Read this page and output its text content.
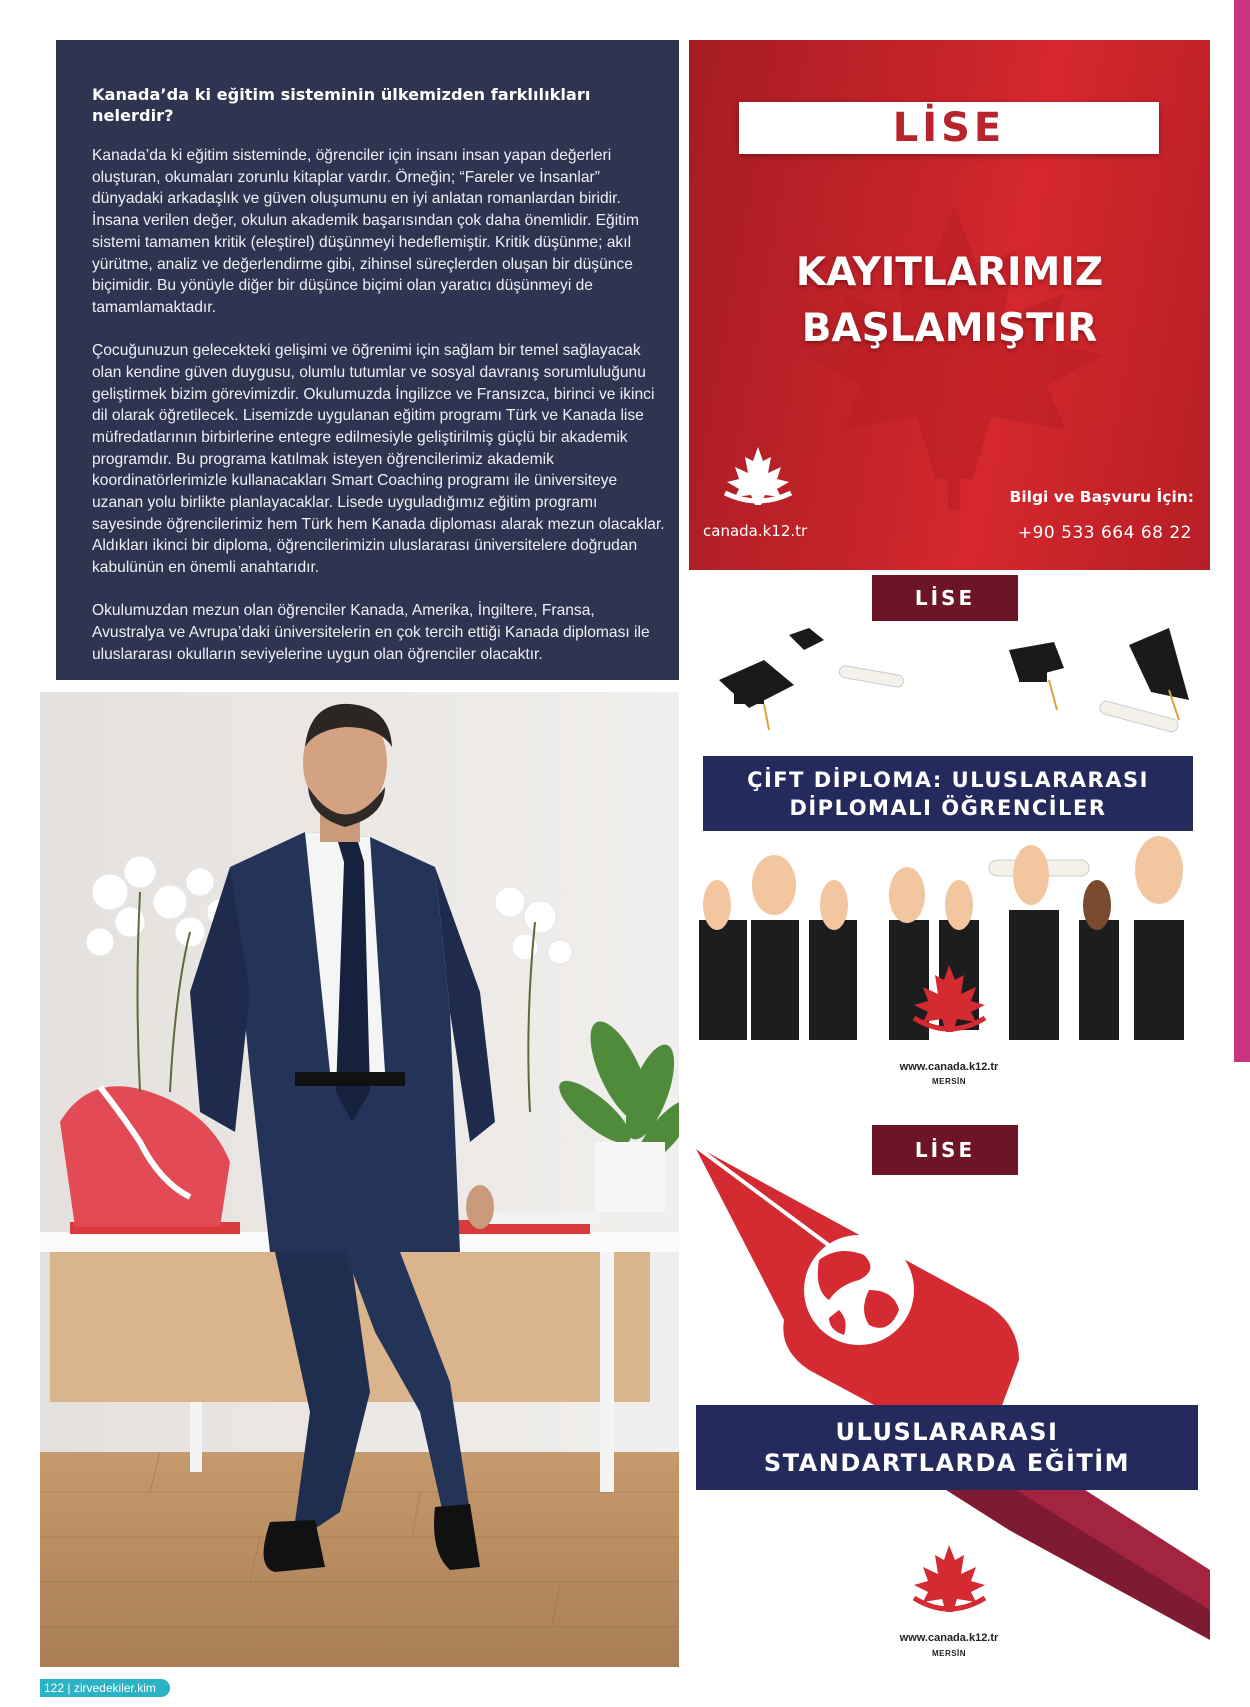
Kanada’da ki eğitim sisteminin ülkemizden farklılıkları nelerdir?

Kanada’da ki eğitim sisteminde, öğrenciler için insanı insan yapan değerleri oluşturan, okumaları zorunlu kitaplar vardır. Örneğin; “Fareler ve İnsanlar” dünyadaki arkadaşlık ve güven oluşumunu en iyi anlatan romanlardan biridir. İnsana verilen değer, okulun akademik başarısından çok daha önemlidir. Eğitim sistemi tamamen kritik (eleştirel) düşünmeyi hedeflemiştir. Kritik düşünme; akıl yürütme, analiz ve değerlendirme gibi, zihinsel süreçlerden oluşan bir düşünce biçimidir. Bu yönüyle diğer bir düşünce biçimi olan yaratıcı düşünmeyi de tamamlamaktadır.

Çocuğunuzun gelecekteki gelişimi ve öğrenimi için sağlam bir temel sağlayacak olan kendine güven duygusu, olumlu tutumlar ve sosyal davranış sorumluluğunu geliştirmek bizim görevimizdir. Okulumuzda İngilizce ve Fransızca, birinci ve ikinci dil olarak öğretilecek. Lisemizde uygulanan eğitim programı Türk ve Kanada lise müfredatlarının birbirlerine entegre edilmesiyle geliştirilmiş güçlü bir akademik programdır. Bu programa katılmak isteyen öğrencilerimiz akademik koordinatörlerimizle kullanacakları Smart Coaching programı ile üniversiteye uzanan yolu birlikte planlayacaklar. Lisede uyguladığımız eğitim programı sayesinde öğrencilerimiz hem Türk hem Kanada diploması alarak mezun olacaklar. Aldıkları ikinci bir diploma, öğrencilerimizin uluslararası üniversitelere doğrudan kabulünün en önemli anahtarıdır.

Okulumuzdan mezun olan öğrenciler Kanada, Amerika, İngiltere, Fransa, Avustralya ve Avrupa’daki üniversitelerin en çok tercih ettiği Kanada diploması ile uluslararası okulların seviyelerine uygun olan öğrenciler olacaktır.

122 | zirvedekiler.kim
LİSE
KAYITLARIMIZ
BAŞLAMIŞTIR
canada.k12.tr
Bilgi ve Başvuru İçin:
+90 533 664 68 22
LİSE
ÇİFT DİPLOMA: ULUSLARARASI
DİPLOMALI ÖĞRENCİLER
www.canada.k12.tr
MERSİN
LİSE
ULUSLARARASI
STANDARTLARDA EĞİTİM
www.canada.k12.tr
MERSİN
